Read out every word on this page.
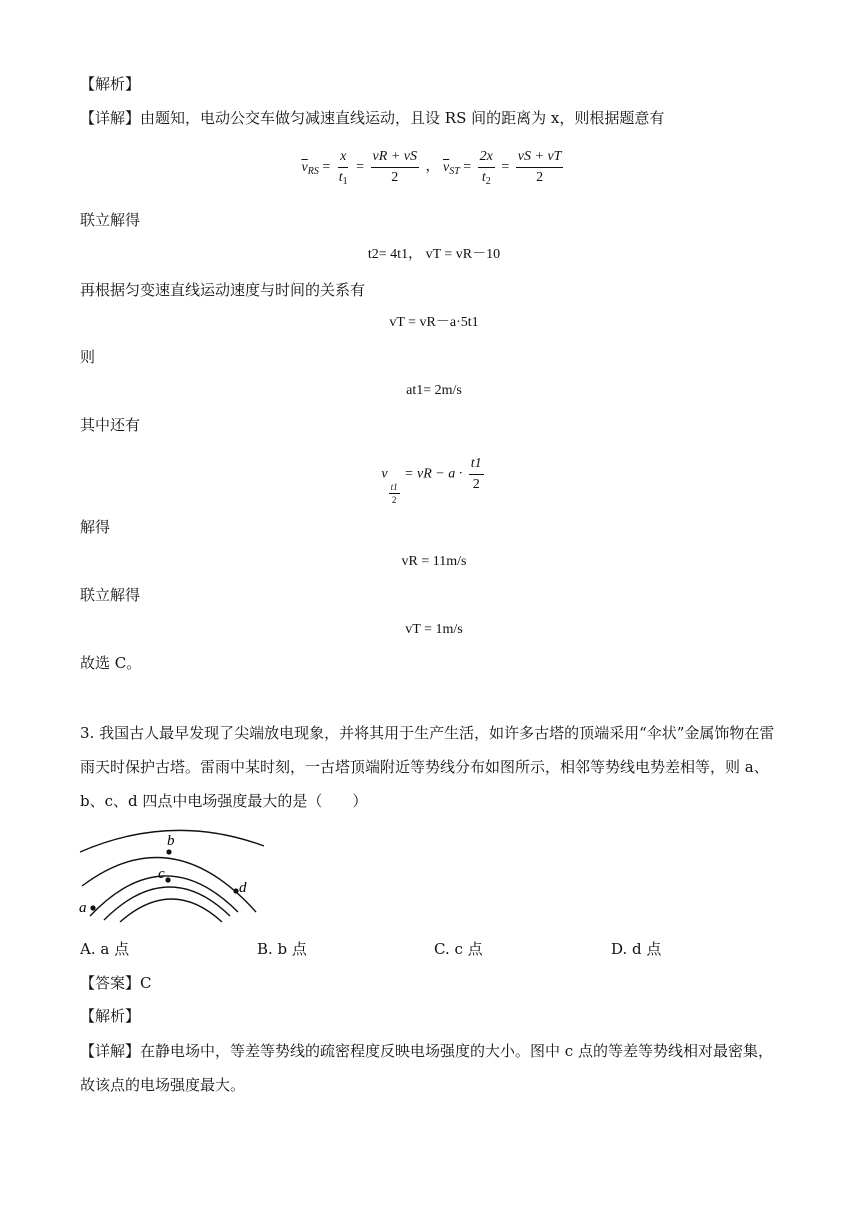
【解析】
【详解】由题知，电动公交车做匀减速直线运动，且设 RS 间的距离为 x，则根据题意有
$\overline{v}_{RS} = \frac{x}{t_1} = \frac{vR + vS}{2}$ ， $\overline{v}_{ST} = \frac{2x}{t_2} = \frac{vS + vT}{2}$
联立解得
t2= 4t1， vT = vR－10
再根据匀变速直线运动速度与时间的关系有
vT = vR－a·5t1
则
at1= 2m/s
其中还有
v
$\frac{t1}{2}$
= vR − $a \cdot \frac{t1}{2}$
解得
vR = 11m/s
联立解得
vT = 1m/s
故选 C。
3. 我国古人最早发现了尖端放电现象，并将其用于生产生活，如许多古塔的顶端采用“伞状”金属饰物在雷
雨天时保护古塔。雷雨中某时刻，一古塔顶端附近等势线分布如图所示，相邻等势线电势差相等，则 a、
b、c、d 四点中电场强度最大的是（　　）
b
c
d
a
A. a 点	B. b 点	C. c 点	D. d 点
【答案】C
【解析】
【详解】在静电场中，等差等势线的疏密程度反映电场强度的大小。图中 c 点的等差等势线相对最密集，
故该点的电场强度最大。
